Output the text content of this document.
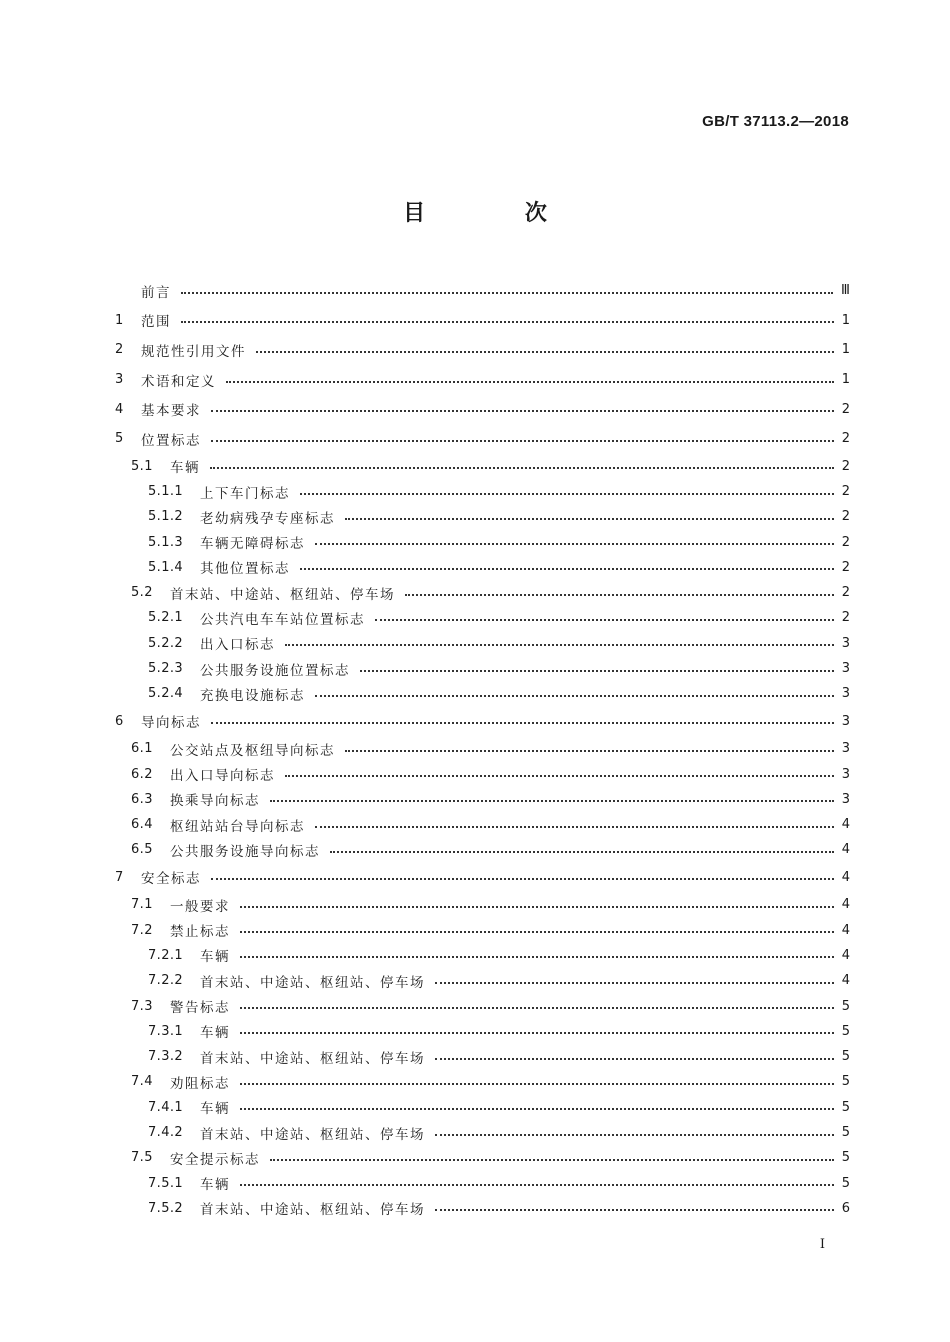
GB/T 37113.2—2018
目 次
前言	Ⅲ
1	范围	1
2	规范性引用文件	1
3	术语和定义	1
4	基本要求	2
5	位置标志	2
5.1	车辆	2
5.1.1	上下车门标志	2
5.1.2	老幼病残孕专座标志	2
5.1.3	车辆无障碍标志	2
5.1.4	其他位置标志	2
5.2	首末站、中途站、枢纽站、停车场	2
5.2.1	公共汽电车车站位置标志	2
5.2.2	出入口标志	3
5.2.3	公共服务设施位置标志	3
5.2.4	充换电设施标志	3
6	导向标志	3
6.1	公交站点及枢纽导向标志	3
6.2	出入口导向标志	3
6.3	换乘导向标志	3
6.4	枢纽站站台导向标志	4
6.5	公共服务设施导向标志	4
7	安全标志	4
7.1	一般要求	4
7.2	禁止标志	4
7.2.1	车辆	4
7.2.2	首末站、中途站、枢纽站、停车场	4
7.3	警告标志	5
7.3.1	车辆	5
7.3.2	首末站、中途站、枢纽站、停车场	5
7.4	劝阻标志	5
7.4.1	车辆	5
7.4.2	首末站、中途站、枢纽站、停车场	5
7.5	安全提示标志	5
7.5.1	车辆	5
7.5.2	首末站、中途站、枢纽站、停车场	6
I
